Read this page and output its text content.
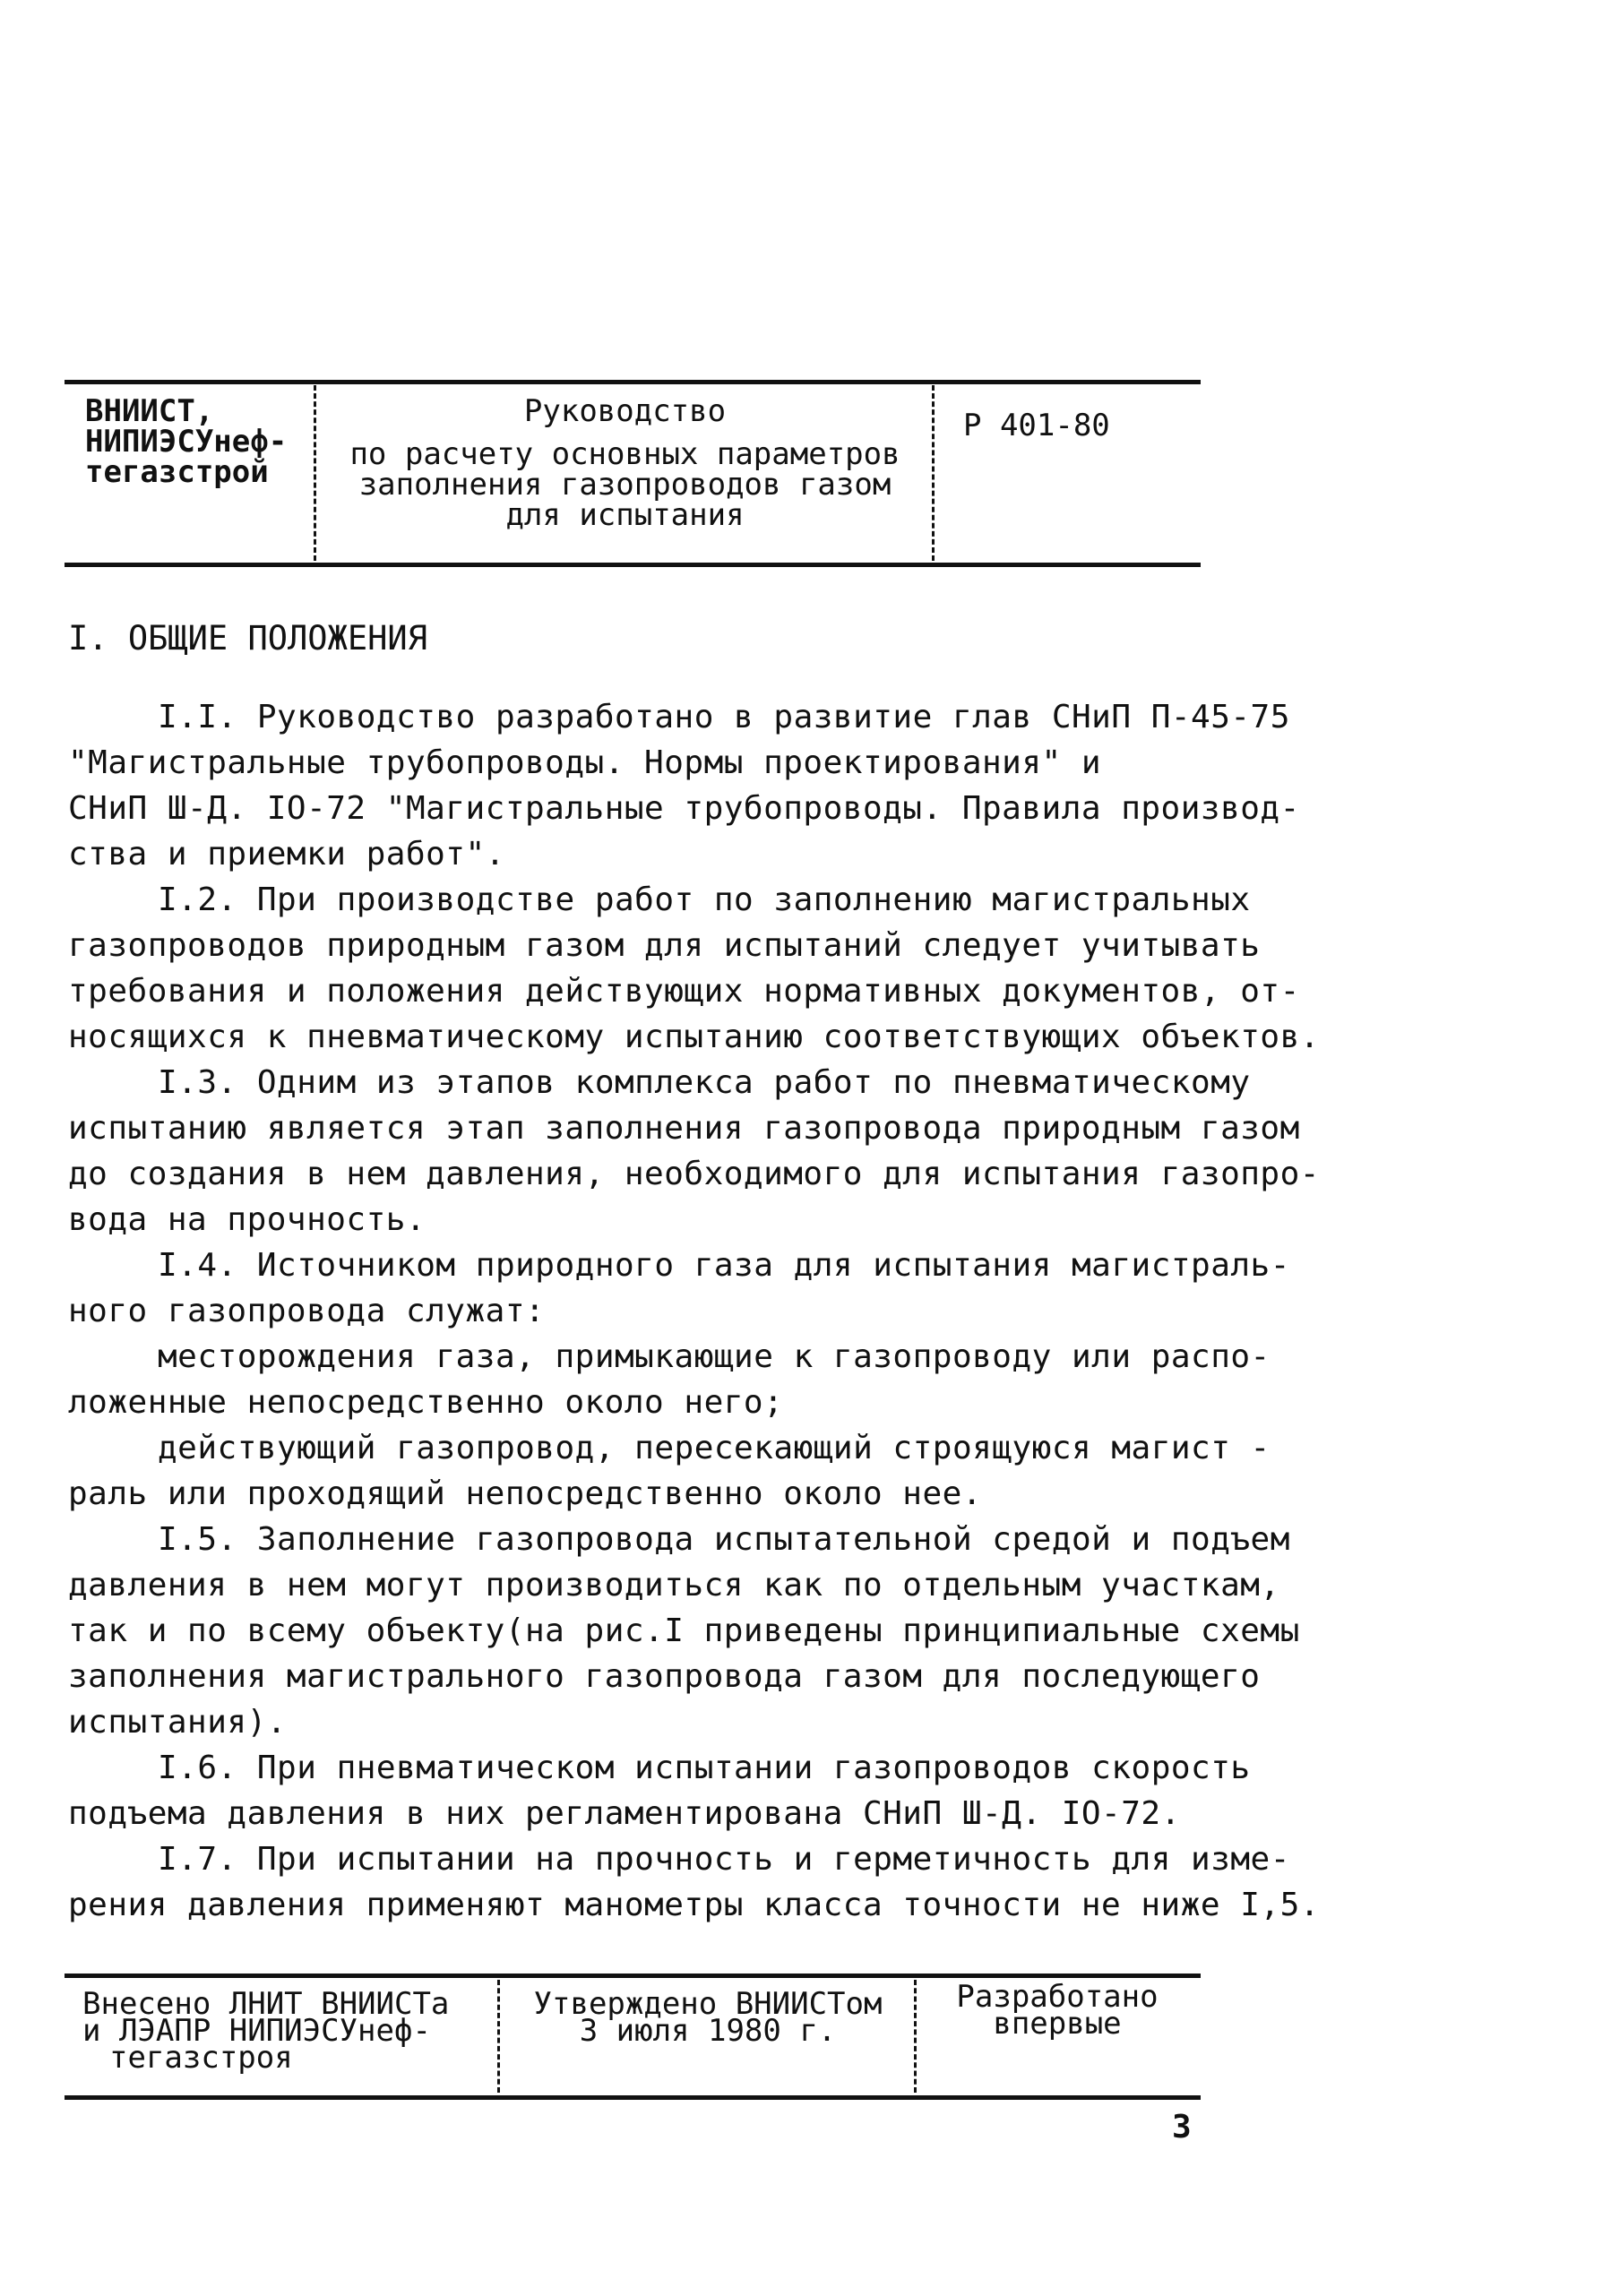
ВНИИСТ,
НИПИЭСУнеф-
тегазстрой
Руководство
по расчету основных параметров
заполнения газопроводов газом
для испытания
Р 401-80
I. ОБЩИЕ ПОЛОЖЕНИЯ

I.I. Руководство разработано в развитие глав СНиП П-45-75

"Магистральные трубопроводы. Нормы проектирования" и

СНиП Ш-Д. IO-72 "Магистральные трубопроводы. Правила производ-

ства и приемки работ".

I.2. При производстве работ по заполнению магистральных

газопроводов природным газом для испытаний следует учитывать

требования и положения действующих нормативных документов, от-

носящихся к пневматическому испытанию соответствующих объектов.

I.3. Одним из этапов комплекса работ по пневматическому

испытанию является этап заполнения газопровода природным газом

до создания в нем давления, необходимого для испытания газопро-

вода на прочность.

I.4. Источником природного газа для испытания магистраль-

ного газопровода служат:

месторождения газа, примыкающие к газопроводу или распо-

ложенные непосредственно около него;

действующий газопровод, пересекающий строящуюся магист -

раль или проходящий непосредственно около нее.

I.5. Заполнение газопровода испытательной средой и подъем

давления в нем могут производиться как по отдельным участкам,

так и по всему объекту(на рис.I приведены принципиальные схемы

заполнения магистрального газопровода газом для последующего

испытания).

I.6. При пневматическом испытании газопроводов скорость

подъема давления в них регламентирована СНиП Ш-Д. IO-72.

I.7. При испытании на прочность и герметичность для изме-

рения давления применяют манометры класса точности не ниже I,5.

Внесено ЛНИТ ВНИИСТа
и ЛЭАПР НИПИЭСУнеф-
тегазстроя
Утверждено ВНИИСТом
3 июля 1980 г.
Разработано
впервые
3
